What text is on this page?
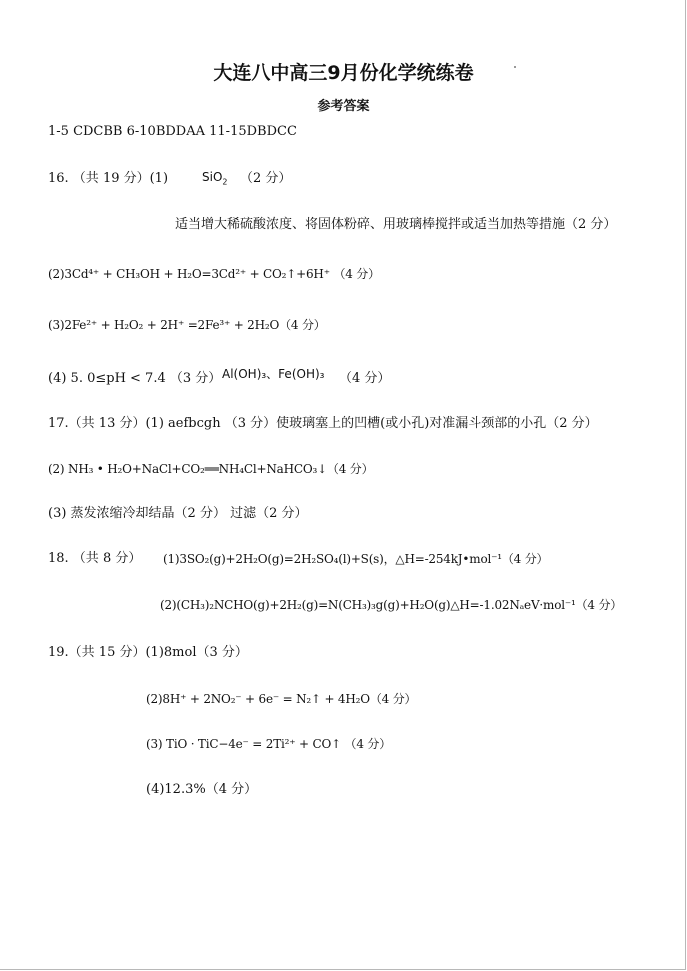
大连八中高三9月份化学统练卷
参考答案
1-5 CDCBB 6-10BDDAA 11-15DBDCC
16. （共 19 分）(1)	SiO$_2$ （2 分）
适当增大稀硫酸浓度、将固体粉碎、用玻璃棒搅拌或适当加热等措施（2 分）
(2)3Cd⁴⁺ + CH₃OH + H₂O=3Cd²⁺ + CO₂↑+6H⁺ （4 分）
(3)2Fe²⁺ + H₂O₂ + 2H⁺ =2Fe³⁺ + 2H₂O（4 分）
(4) 5. 0≤pH < 7.4 （3 分） Al(OH)₃、Fe(OH)₃ （4 分）
17.（共 13 分）(1) aefbcgh （3 分）使玻璃塞上的凹槽(或小孔)对准漏斗颈部的小孔（2 分）
(2) NH₃ • H₂O+NaCl+CO₂══NH₄Cl+NaHCO₃↓（4 分）
(3) 蒸发浓缩冷却结晶（2 分） 过滤（2 分）
18. （共 8 分） (1)3SO₂(g)+2H₂O(g)=2H₂SO₄(l)+S(s)，△H=-254kJ•mol⁻¹（4 分）
(2)(CH₃)₂NCHO(g)+2H₂(g)=N(CH₃)₃g(g)+H₂O(g)△H=-1.02NₐeV·mol⁻¹（4 分）
19.（共 15 分）(1)8mol（3 分）
(2)8H⁺ + 2NO₂⁻ + 6e⁻ = N₂↑ + 4H₂O（4 分）
(3) TiO · TiC−4e⁻ = 2Ti²⁺ + CO↑ （4 分）
(4)12.3%（4 分）
